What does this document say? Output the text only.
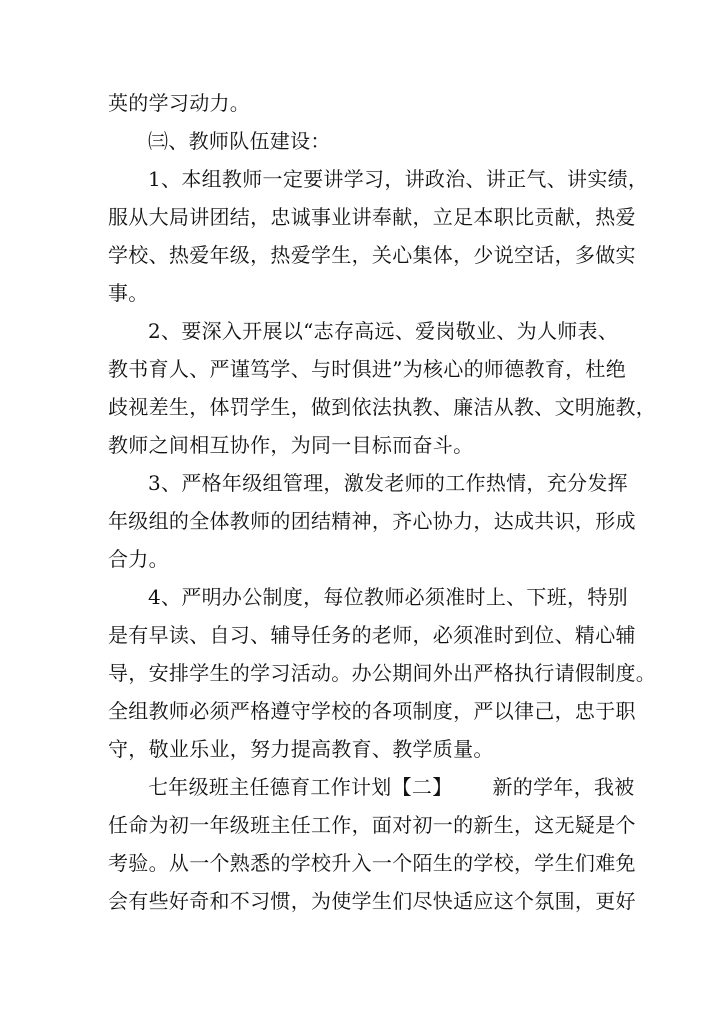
英的学习动力。
㈢、教师队伍建设：
1、本组教师一定要讲学习，讲政治、讲正气、讲实绩，
服从大局讲团结，忠诚事业讲奉献，立足本职比贡献，热爱
学校、热爱年级，热爱学生，关心集体，少说空话，多做实
事。
2、要深入开展以“志存高远、爱岗敬业、为人师表、
教书育人、严谨笃学、与时俱进”为核心的师德教育，杜绝
歧视差生，体罚学生，做到依法执教、廉洁从教、文明施教，
教师之间相互协作，为同一目标而奋斗。
3、严格年级组管理，激发老师的工作热情，充分发挥
年级组的全体教师的团结精神，齐心协力，达成共识，形成
合力。
4、严明办公制度，每位教师必须准时上、下班，特别
是有早读、自习、辅导任务的老师，必须准时到位、精心辅
导，安排学生的学习活动。办公期间外出严格执行请假制度。
全组教师必须严格遵守学校的各项制度，严以律己，忠于职
守，敬业乐业，努力提高教育、教学质量。
七年级班主任德育工作计划【二】 新的学年，我被
任命为初一年级班主任工作，面对初一的新生，这无疑是个
考验。从一个熟悉的学校升入一个陌生的学校，学生们难免
会有些好奇和不习惯，为使学生们尽快适应这个氛围，更好
